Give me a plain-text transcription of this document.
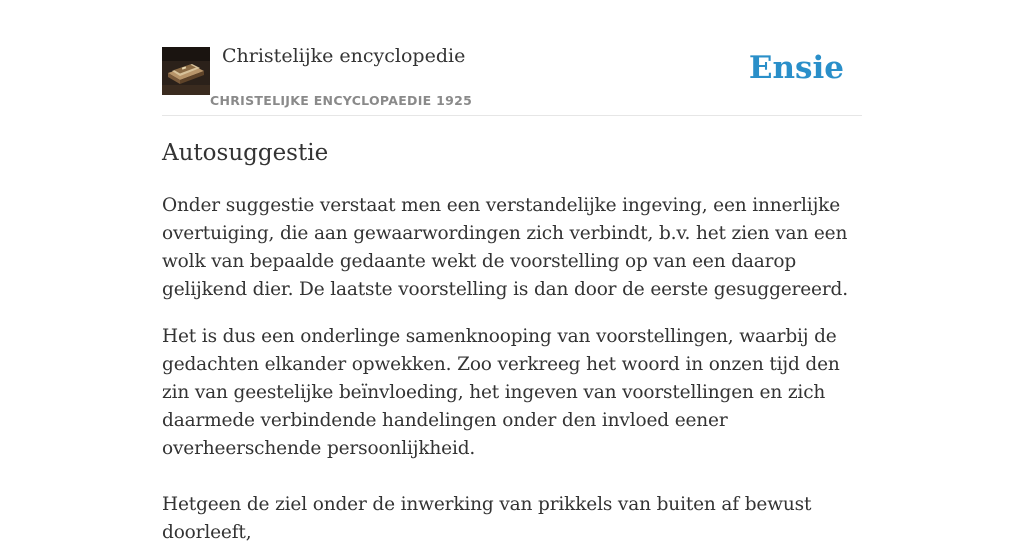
Christelijke encyclopedie
CHRISTELIJKE ENCYCLOPAEDIE 1925
Ensie
Autosuggestie

Onder suggestie verstaat men een verstandelijke ingeving, een innerlijke overtuiging, die aan gewaarwordingen zich verbindt, b.v. het zien van een wolk van bepaalde gedaante wekt de voorstelling op van een daarop gelijkend dier. De laatste voorstelling is dan door de eerste gesuggereerd.

Het is dus een onderlinge samenknooping van voorstellingen, waarbij de gedachten elkander opwekken. Zoo verkreeg het woord in onzen tijd den zin van geestelijke beïnvloeding, het ingeven van voorstellingen en zich daarmede verbindende handelingen onder den invloed eener overheerschende persoonlijkheid.

Hetgeen de ziel onder de inwerking van prikkels van buiten af bewust doorleeft,
